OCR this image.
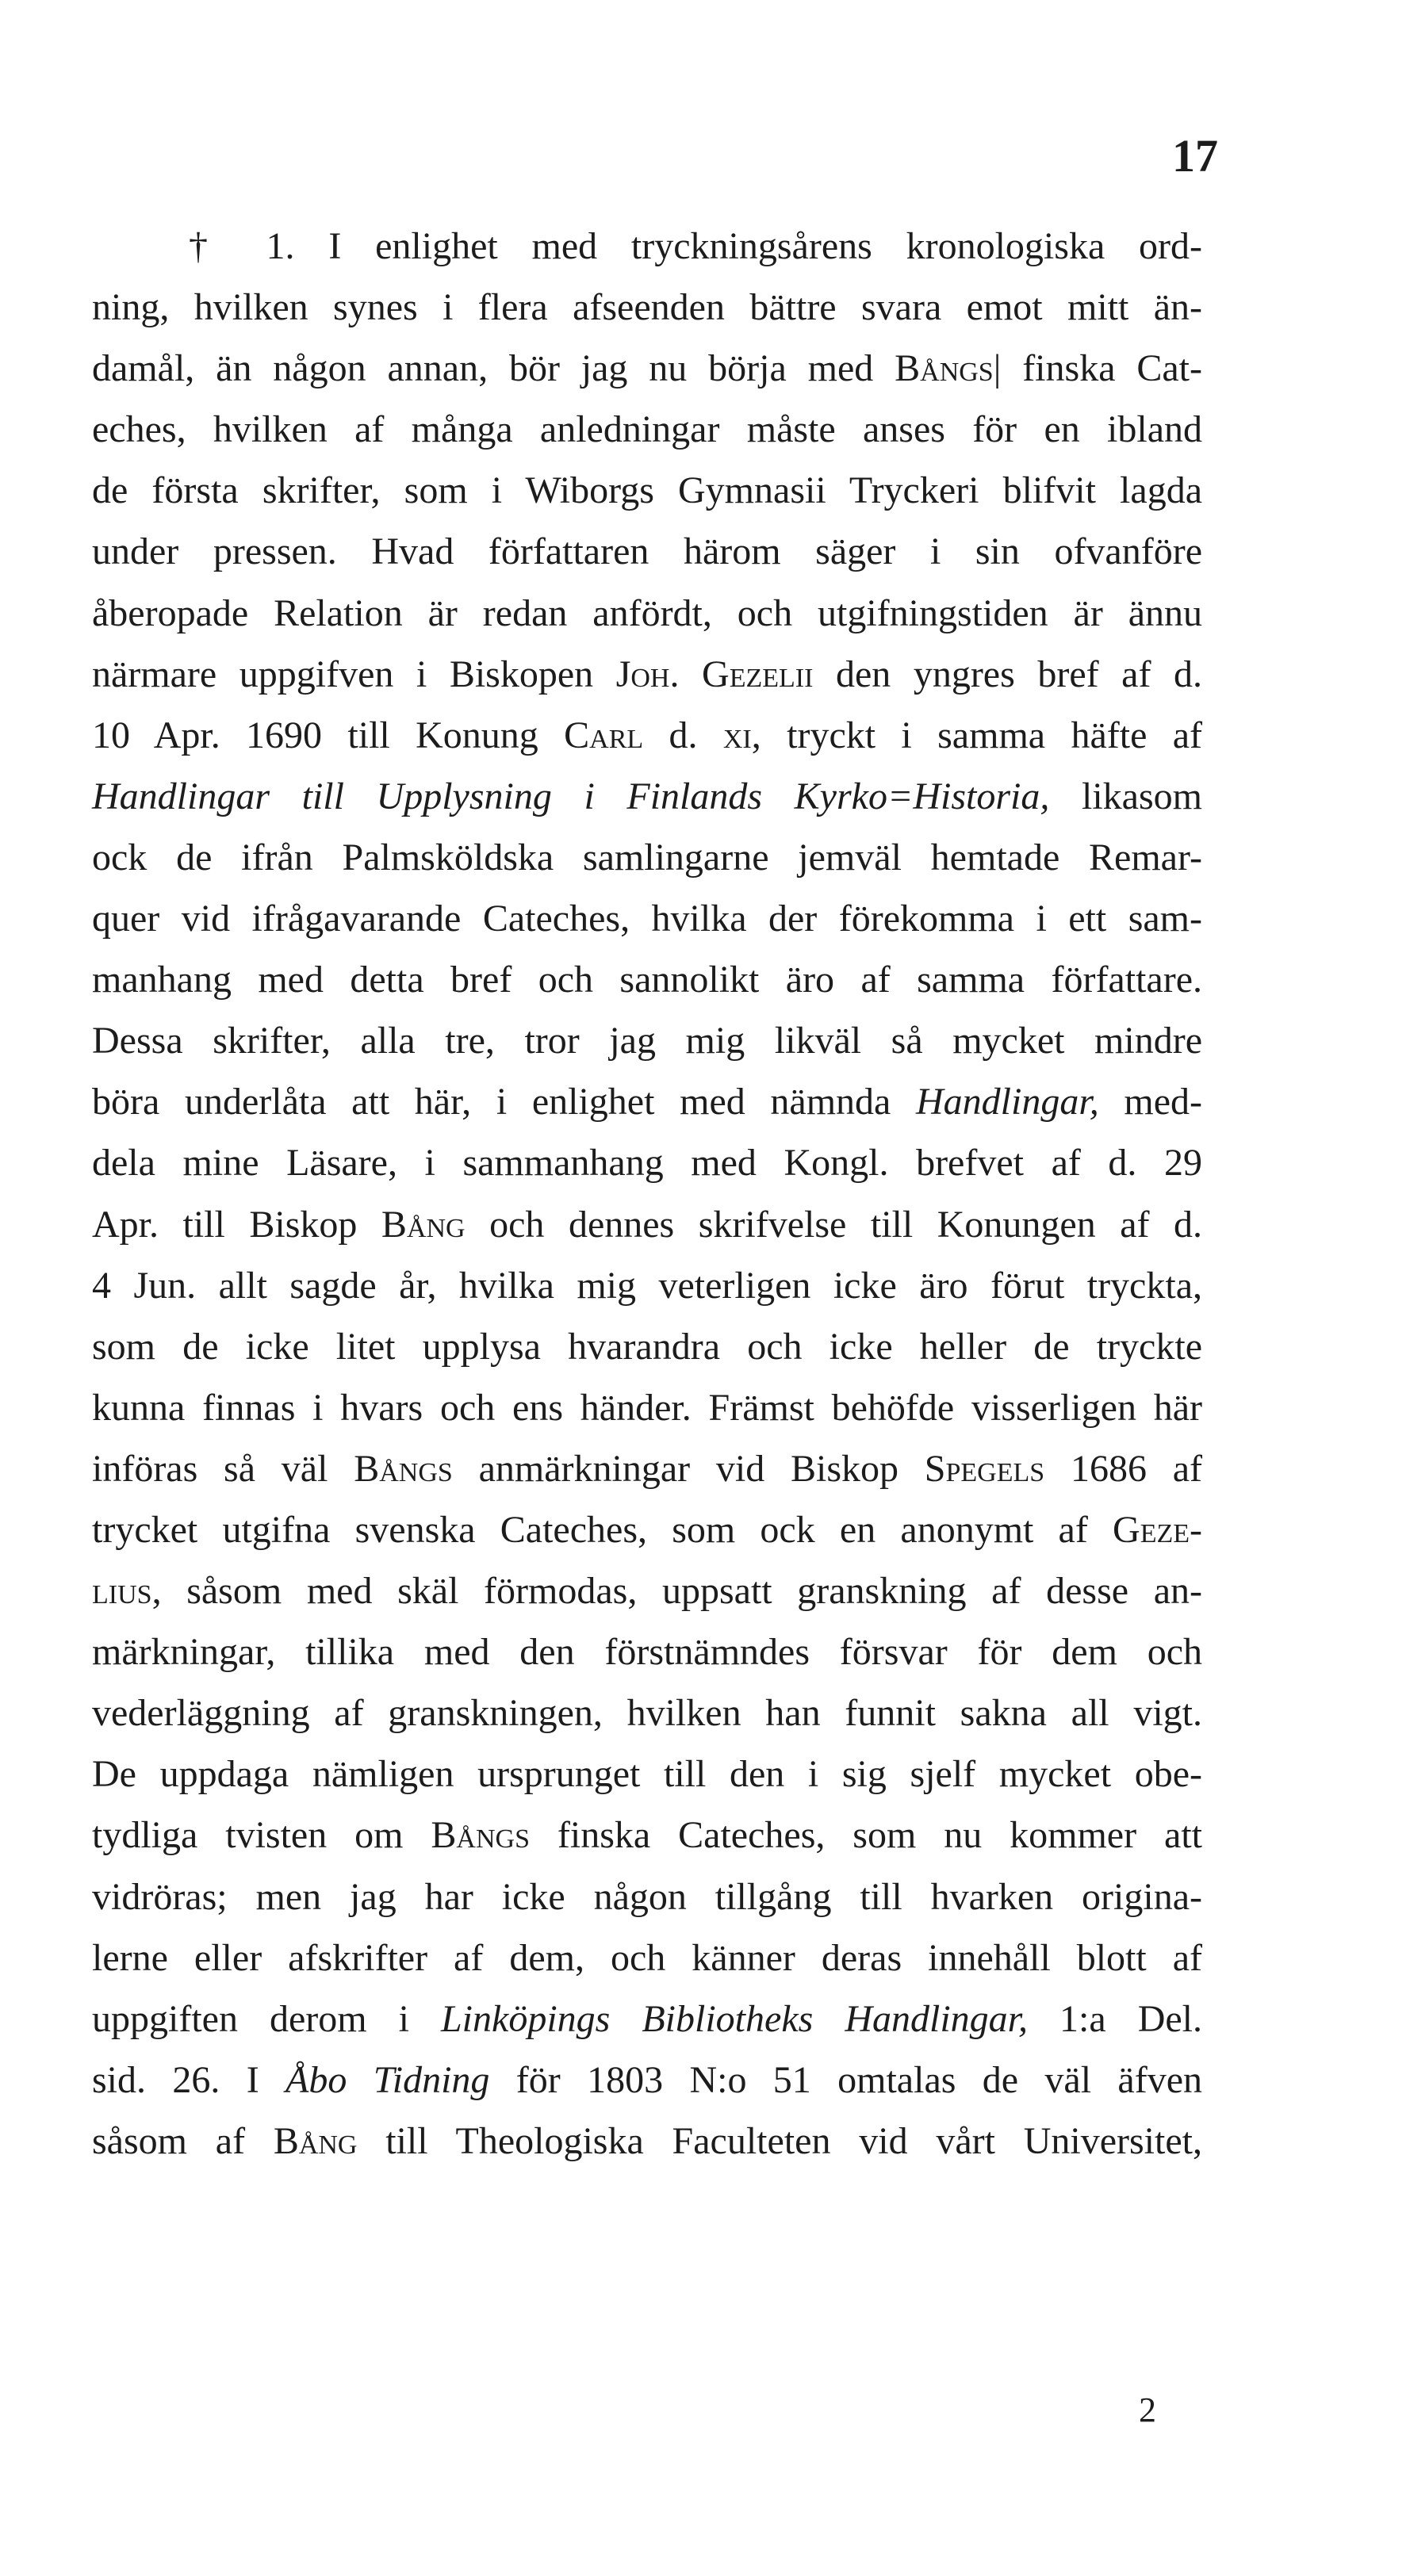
17
† 1. I enlighet med tryckningsårens kronologiska ord-
ning, hvilken synes i flera afseenden bättre svara emot mitt än-
damål, än någon annan, bör jag nu börja med Bångs| finska Cat-
eches, hvilken af många anledningar måste anses för en ibland
de första skrifter, som i Wiborgs Gymnasii Tryckeri blifvit lagda
under pressen. Hvad författaren härom säger i sin ofvanföre
åberopade Relation är redan anfördt, och utgifningstiden är ännu
närmare uppgifven i Biskopen Joh. Gezelii den yngres bref af d.
10 Apr. 1690 till Konung Carl d. xi, tryckt i samma häfte af
Handlingar till Upplysning i Finlands Kyrko=Historia, likasom
ock de ifrån Palmsköldska samlingarne jemväl hemtade Remar-
quer vid ifrågavarande Cateches, hvilka der förekomma i ett sam-
manhang med detta bref och sannolikt äro af samma författare.
Dessa skrifter, alla tre, tror jag mig likväl så mycket mindre
böra underlåta att här, i enlighet med nämnda Handlingar, med-
dela mine Läsare, i sammanhang med Kongl. brefvet af d. 29
Apr. till Biskop Bång och dennes skrifvelse till Konungen af d.
4 Jun. allt sagde år, hvilka mig veterligen icke äro förut tryckta,
som de icke litet upplysa hvarandra och icke heller de tryckte
kunna finnas i hvars och ens händer. Främst behöfde visserligen här
införas så väl Bångs anmärkningar vid Biskop Spegels 1686 af
trycket utgifna svenska Cateches, som ock en anonymt af Geze-
lius, såsom med skäl förmodas, uppsatt granskning af desse an-
märkningar, tillika med den förstnämndes försvar för dem och
vederläggning af granskningen, hvilken han funnit sakna all vigt.
De uppdaga nämligen ursprunget till den i sig sjelf mycket obe-
tydliga tvisten om Bångs finska Cateches, som nu kommer att
vidröras; men jag har icke någon tillgång till hvarken origina-
lerne eller afskrifter af dem, och känner deras innehåll blott af
uppgiften derom i Linköpings Bibliotheks Handlingar, 1:a Del.
sid. 26. I Åbo Tidning för 1803 N:o 51 omtalas de väl äfven
såsom af Bång till Theologiska Faculteten vid vårt Universitet,
2
